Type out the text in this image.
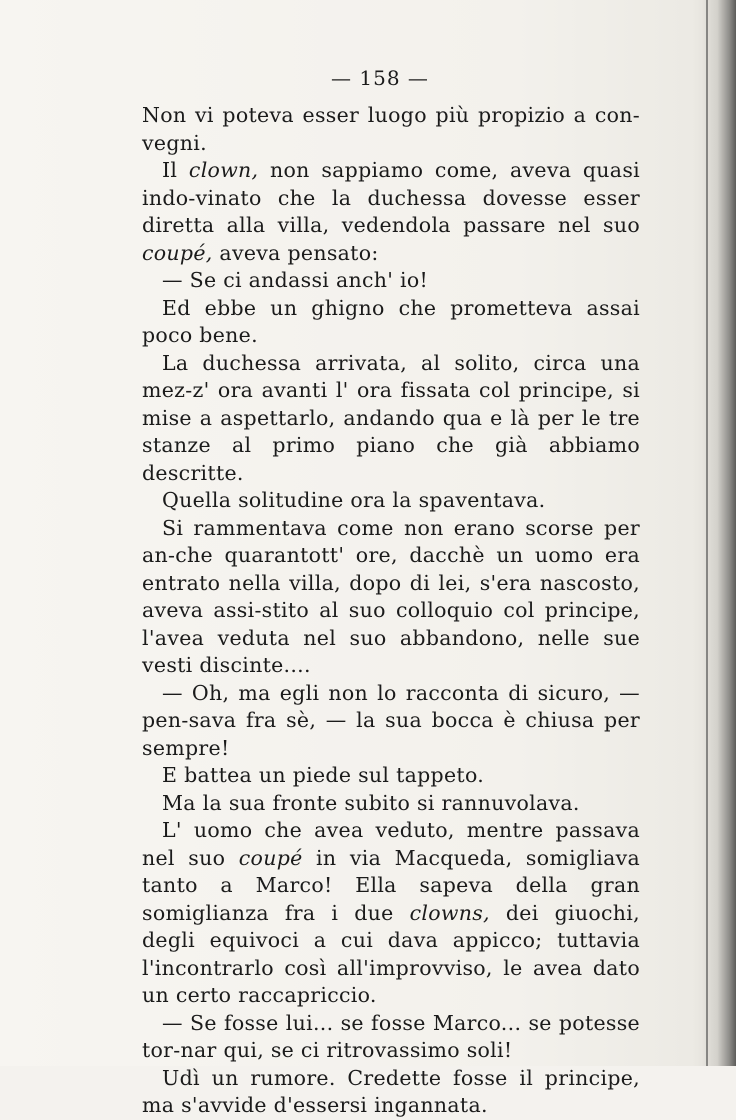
— 158 —

Non vi poteva esser luogo più propizio a con-vegni.

Il clown, non sappiamo come, aveva quasi indo-vinato che la duchessa dovesse esser diretta alla villa, vedendola passare nel suo coupé, aveva pensato:

— Se ci andassi anch' io!

Ed ebbe un ghigno che prometteva assai poco bene.

La duchessa arrivata, al solito, circa una mez-z' ora avanti l' ora fissata col principe, si mise a aspettarlo, andando qua e là per le tre stanze al primo piano che già abbiamo descritte.

Quella solitudine ora la spaventava.

Si rammentava come non erano scorse per an-che quarantott' ore, dacchè un uomo era entrato nella villa, dopo di lei, s'era nascosto, aveva assi-stito al suo colloquio col principe, l'avea veduta nel suo abbandono, nelle sue vesti discinte....

— Oh, ma egli non lo racconta di sicuro, — pen-sava fra sè, — la sua bocca è chiusa per sempre!

E battea un piede sul tappeto.

Ma la sua fronte subito si rannuvolava.

L' uomo che avea veduto, mentre passava nel suo coupé in via Macqueda, somigliava tanto a Marco! Ella sapeva della gran somiglianza fra i due clowns, dei giuochi, degli equivoci a cui dava appicco; tuttavia l'incontrarlo così all'improvviso, le avea dato un certo raccapriccio.

— Se fosse lui... se fosse Marco... se potesse tor-nar qui, se ci ritrovassimo soli!

Udì un rumore. Credette fosse il principe, ma s'avvide d'essersi ingannata.
